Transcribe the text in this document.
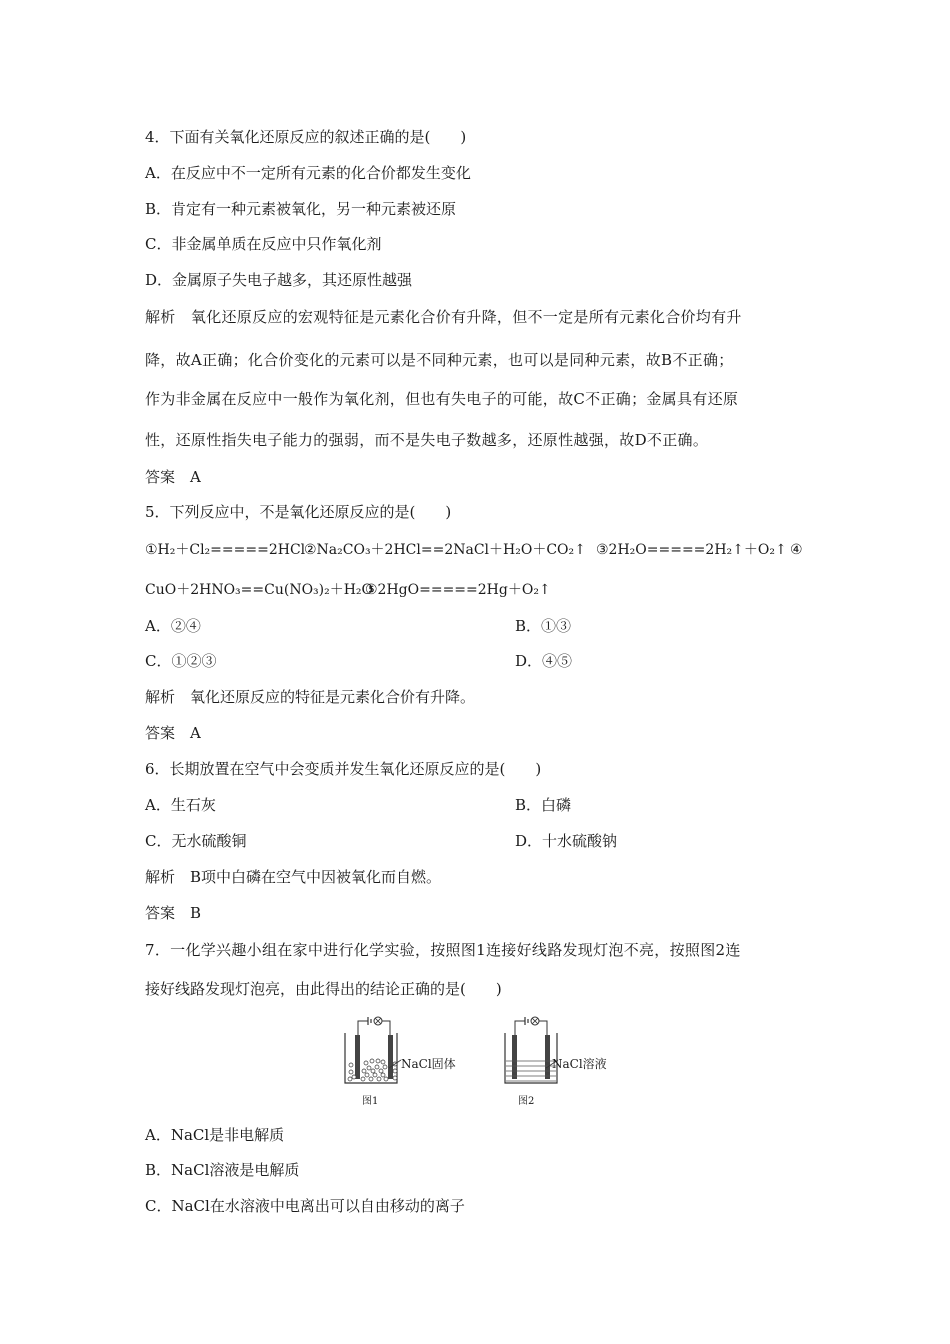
4．下面有关氧化还原反应的叙述正确的是(　　)
A．在反应中不一定所有元素的化合价都发生变化
B．肯定有一种元素被氧化，另一种元素被还原
C．非金属单质在反应中只作氧化剂
D．金属原子失电子越多，其还原性越强
解析　氧化还原反应的宏观特征是元素化合价有升降，但不一定是所有元素化合价均有升
降，故A正确；化合价变化的元素可以是不同种元素，也可以是同种元素，故B不正确；
作为非金属在反应中一般作为氧化剂，但也有失电子的可能，故C不正确；金属具有还原
性，还原性指失电子能力的强弱，而不是失电子数越多，还原性越强，故D不正确。
答案　A
5．下列反应中，不是氧化还原反应的是(　　)
①H₂＋Cl₂=====2HCl
②Na₂CO₃＋2HCl==2NaCl＋H₂O＋CO₂↑ ③2H₂O=====2H₂↑＋O₂↑ ④
CuO＋2HNO₃==Cu(NO₃)₂＋H₂O
⑤2HgO=====2Hg＋O₂↑
A．②④	B．①③
C．①②③	D．④⑤
解析　氧化还原反应的特征是元素化合价有升降。
答案　A
6．长期放置在空气中会变质并发生氧化还原反应的是(　　)
A．生石灰	B．白磷
C．无水硫酸铜	D．十水硫酸钠
解析　B项中白磷在空气中因被氧化而自燃。
答案　B
7．一化学兴趣小组在家中进行化学实验，按照图1连接好线路发现灯泡不亮，按照图2连
接好线路发现灯泡亮，由此得出的结论正确的是(　　)
NaCl固体
图1
NaCl溶液
图2
A．NaCl是非电解质
B．NaCl溶液是电解质
C．NaCl在水溶液中电离出可以自由移动的离子
